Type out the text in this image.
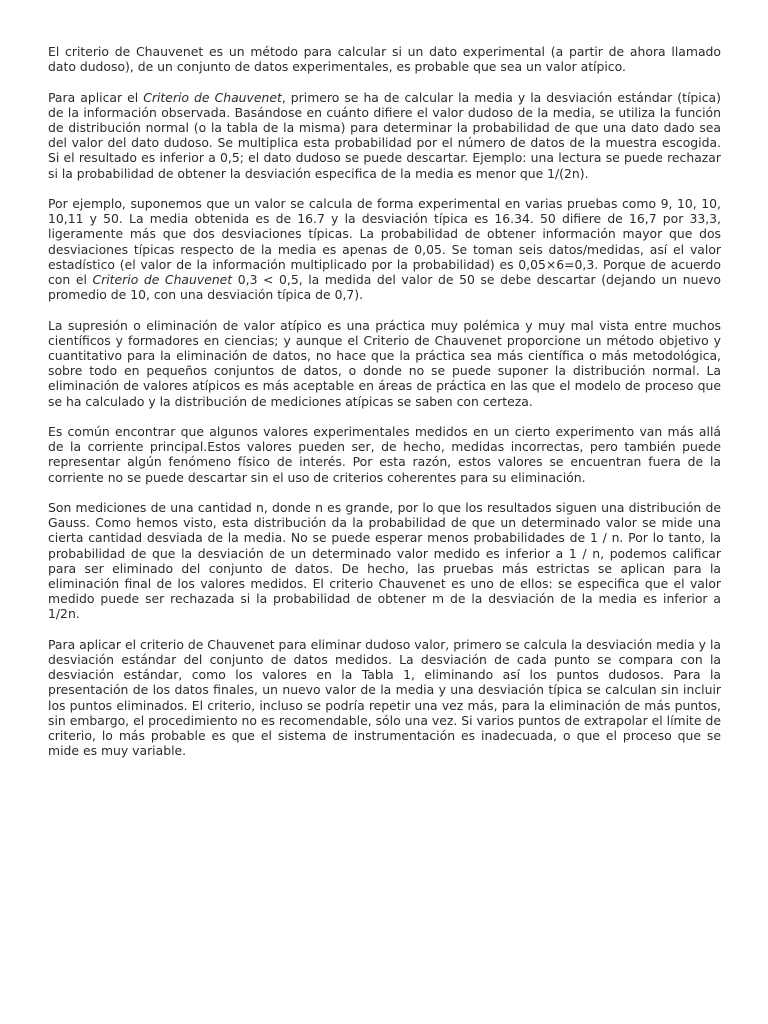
El criterio de Chauvenet es un método para calcular si un dato experimental (a partir de ahora llamado dato dudoso), de un conjunto de datos experimentales, es probable que sea un valor atípico.

Para aplicar el Criterio de Chauvenet, primero se ha de calcular la media y la desviación estándar (típica) de la información observada. Basándose en cuánto difiere el valor dudoso de la media, se utiliza la función de distribución normal (o la tabla de la misma) para determinar la probabilidad de que una dato dado sea del valor del dato dudoso. Se multiplica esta probabilidad por el número de datos de la muestra escogida. Si el resultado es inferior a 0,5; el dato dudoso se puede descartar. Ejemplo: una lectura se puede rechazar si la probabilidad de obtener la desviación especifica de la media es menor que 1/(2n).

Por ejemplo, suponemos que un valor se calcula de forma experimental en varias pruebas como 9, 10, 10, 10,11 y 50. La media obtenida es de 16.7 y la desviación típica es 16.34. 50 difiere de 16,7 por 33,3, ligeramente más que dos desviaciones típicas. La probabilidad de obtener información mayor que dos desviaciones típicas respecto de la media es apenas de 0,05. Se toman seis datos/medidas, así el valor estadístico (el valor de la información multiplicado por la probabilidad) es 0,05×6=0,3. Porque de acuerdo con el Criterio de Chauvenet 0,3 < 0,5, la medida del valor de 50 se debe descartar (dejando un nuevo promedio de 10, con una desviación típica de 0,7).

La supresión o eliminación de valor atípico es una práctica muy polémica y muy mal vista entre muchos científicos y formadores en ciencias; y aunque el Criterio de Chauvenet proporcione un método objetivo y cuantitativo para la eliminación de datos, no hace que la práctica sea más científica o más metodológica, sobre todo en pequeños conjuntos de datos, o donde no se puede suponer la distribución normal. La eliminación de valores atípicos es más aceptable en áreas de práctica en las que el modelo de proceso que se ha calculado y la distribución de mediciones atípicas se saben con certeza.

Es común encontrar que algunos valores experimentales medidos en un cierto experimento van más allá de la corriente principal.Estos valores pueden ser, de hecho, medidas incorrectas, pero también puede representar algún fenómeno físico de interés. Por esta razón, estos valores se encuentran fuera de la corriente no se puede descartar sin el uso de criterios coherentes para su eliminación.

Son mediciones de una cantidad n, donde n es grande, por lo que los resultados siguen una distribución de Gauss. Como hemos visto, esta distribución da la probabilidad de que un determinado valor se mide una cierta cantidad desviada de la media. No se puede esperar menos probabilidades de 1 / n. Por lo tanto, la probabilidad de que la desviación de un determinado valor medido es inferior a 1 / n, podemos calificar para ser eliminado del conjunto de datos. De hecho, las pruebas más estrictas se aplican para la eliminación final de los valores medidos. El criterio Chauvenet es uno de ellos: se especifica que el valor medido puede ser rechazada si la probabilidad de obtener m de la desviación de la media es inferior a 1/2n.

Para aplicar el criterio de Chauvenet para eliminar dudoso valor, primero se calcula la desviación media y la desviación estándar del conjunto de datos medidos. La desviación de cada punto se compara con la desviación estándar, como los valores en la Tabla 1, eliminando así los puntos dudosos. Para la presentación de los datos finales, un nuevo valor de la media y una desviación típica se calculan sin incluir los puntos eliminados. El criterio, incluso se podría repetir una vez más, para la eliminación de más puntos, sin embargo, el procedimiento no es recomendable, sólo una vez. Si varios puntos de extrapolar el límite de criterio, lo más probable es que el sistema de instrumentación es inadecuada, o que el proceso que se mide es muy variable.
